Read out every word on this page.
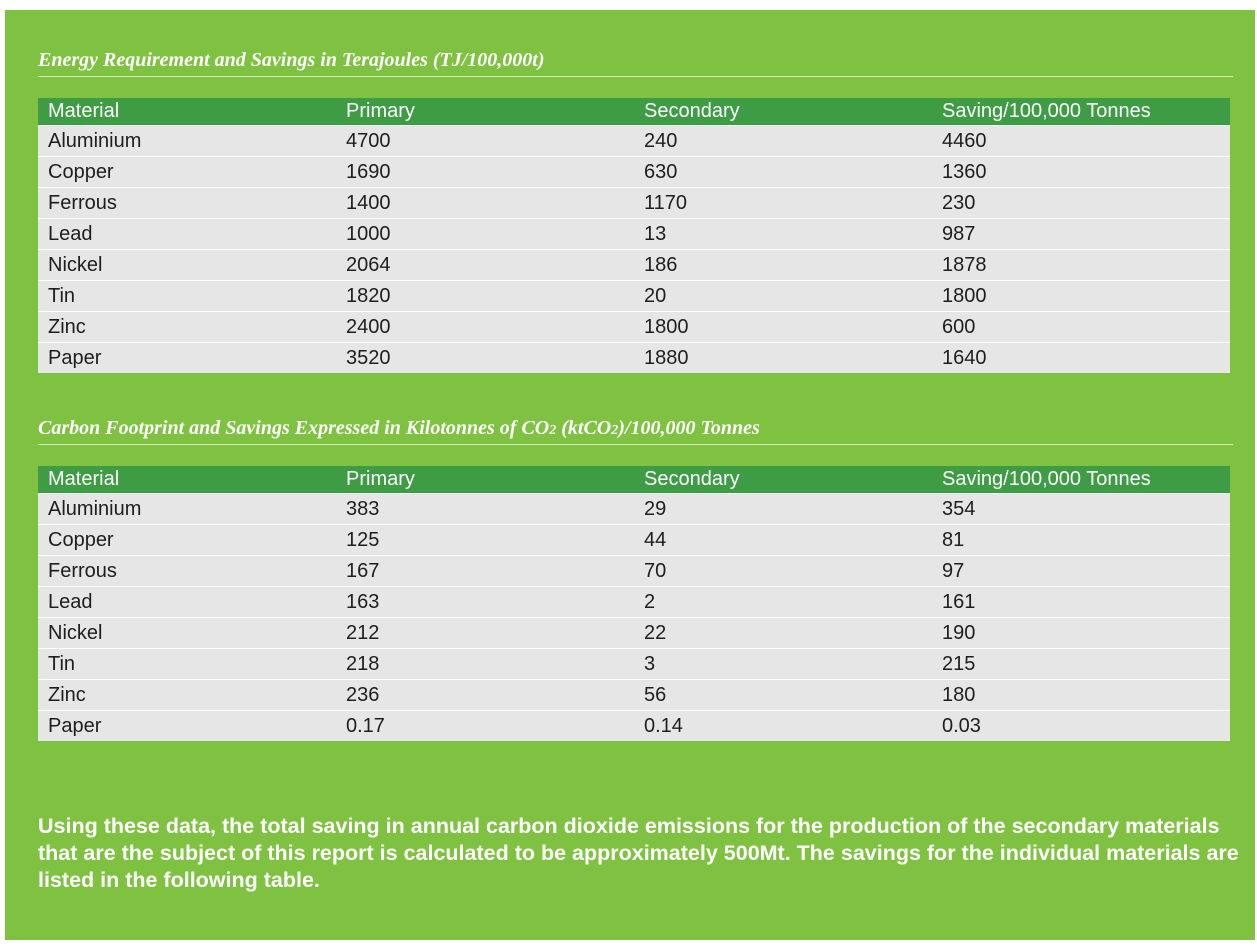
Energy Requirement and Savings in Terajoules (TJ/100,000t)
Material	Primary	Secondary	Saving/100,000 Tonnes
Aluminium	4700	240	4460
Copper	1690	630	1360
Ferrous	1400	1170	230
Lead	1000	13	987
Nickel	2064	186	1878
Tin	1820	20	1800
Zinc	2400	1800	600
Paper	3520	1880	1640
Carbon Footprint and Savings Expressed in Kilotonnes of CO2 (ktCO2)/100,000 Tonnes
Material	Primary	Secondary	Saving/100,000 Tonnes
Aluminium	383	29	354
Copper	125	44	81
Ferrous	167	70	97
Lead	163	2	161
Nickel	212	22	190
Tin	218	3	215
Zinc	236	56	180
Paper	0.17	0.14	0.03
Using these data, the total saving in annual carbon dioxide emissions for the production of the secondary materials that are the subject of this report is calculated to be approximately 500Mt. The savings for the individual materials are listed in the following table.
